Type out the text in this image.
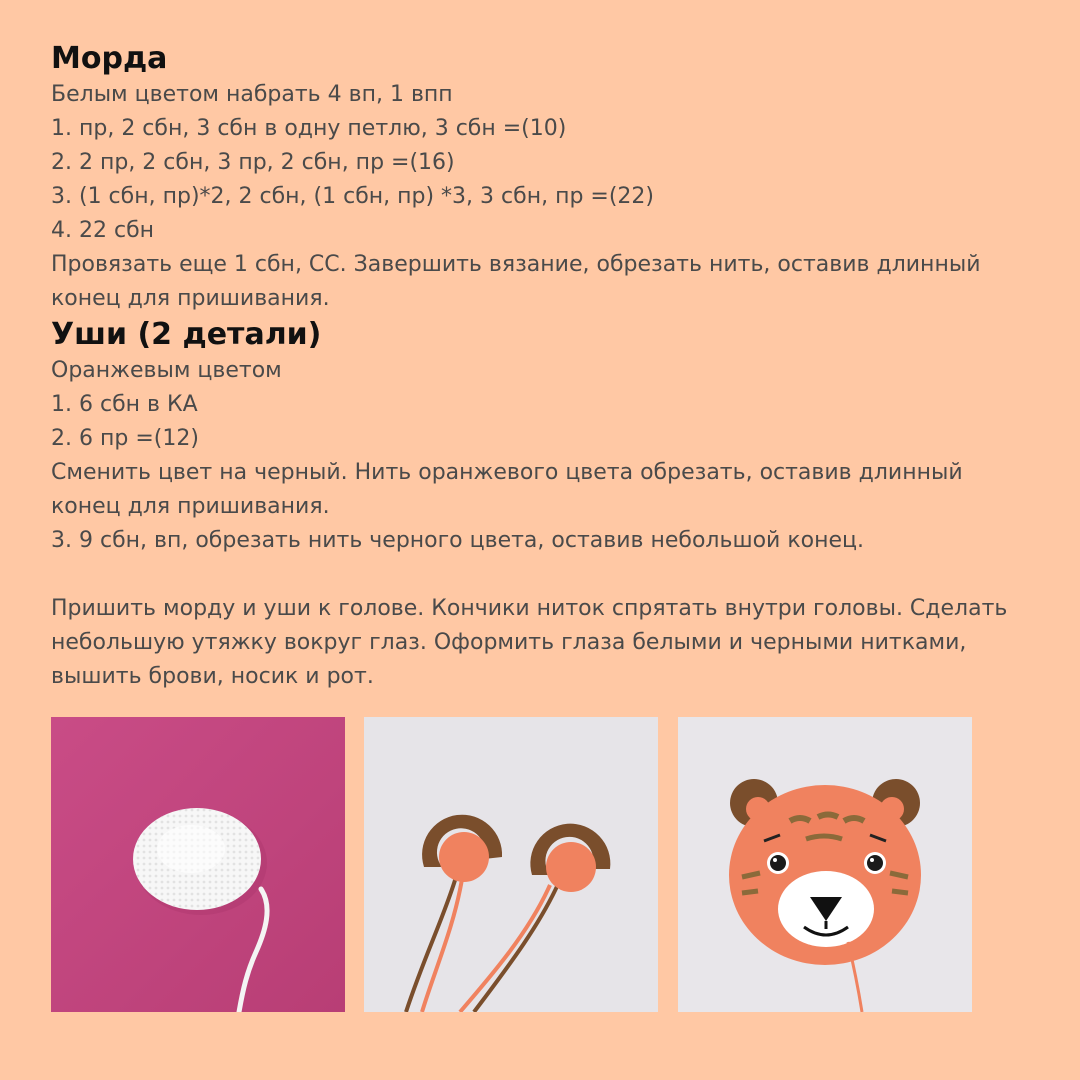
Морда

Белым цветом набрать 4 вп, 1 впп

1. пр, 2 сбн, 3 сбн в одну петлю, 3 сбн =(10)

2. 2 пр, 2 сбн, 3 пр, 2 сбн, пр =(16)

3. (1 сбн, пр)*2, 2 сбн, (1 сбн, пр) *3, 3 сбн, пр =(22)

4. 22 сбн

Провязать еще 1 сбн, СС. Завершить вязание, обрезать нить, оставив длинный

конец для пришивания.

Уши (2 детали)

Оранжевым цветом

1. 6 сбн в КА

2. 6 пр =(12)

Сменить цвет на черный. Нить оранжевого цвета обрезать, оставив длинный

конец для пришивания.

3. 9 сбн, вп, обрезать нить черного цвета, оставив небольшой конец.

Пришить морду и уши к голове. Кончики ниток спрятать внутри головы. Сделать

небольшую утяжку вокруг глаз. Оформить глаза белыми и черными нитками,

вышить брови, носик и рот.
